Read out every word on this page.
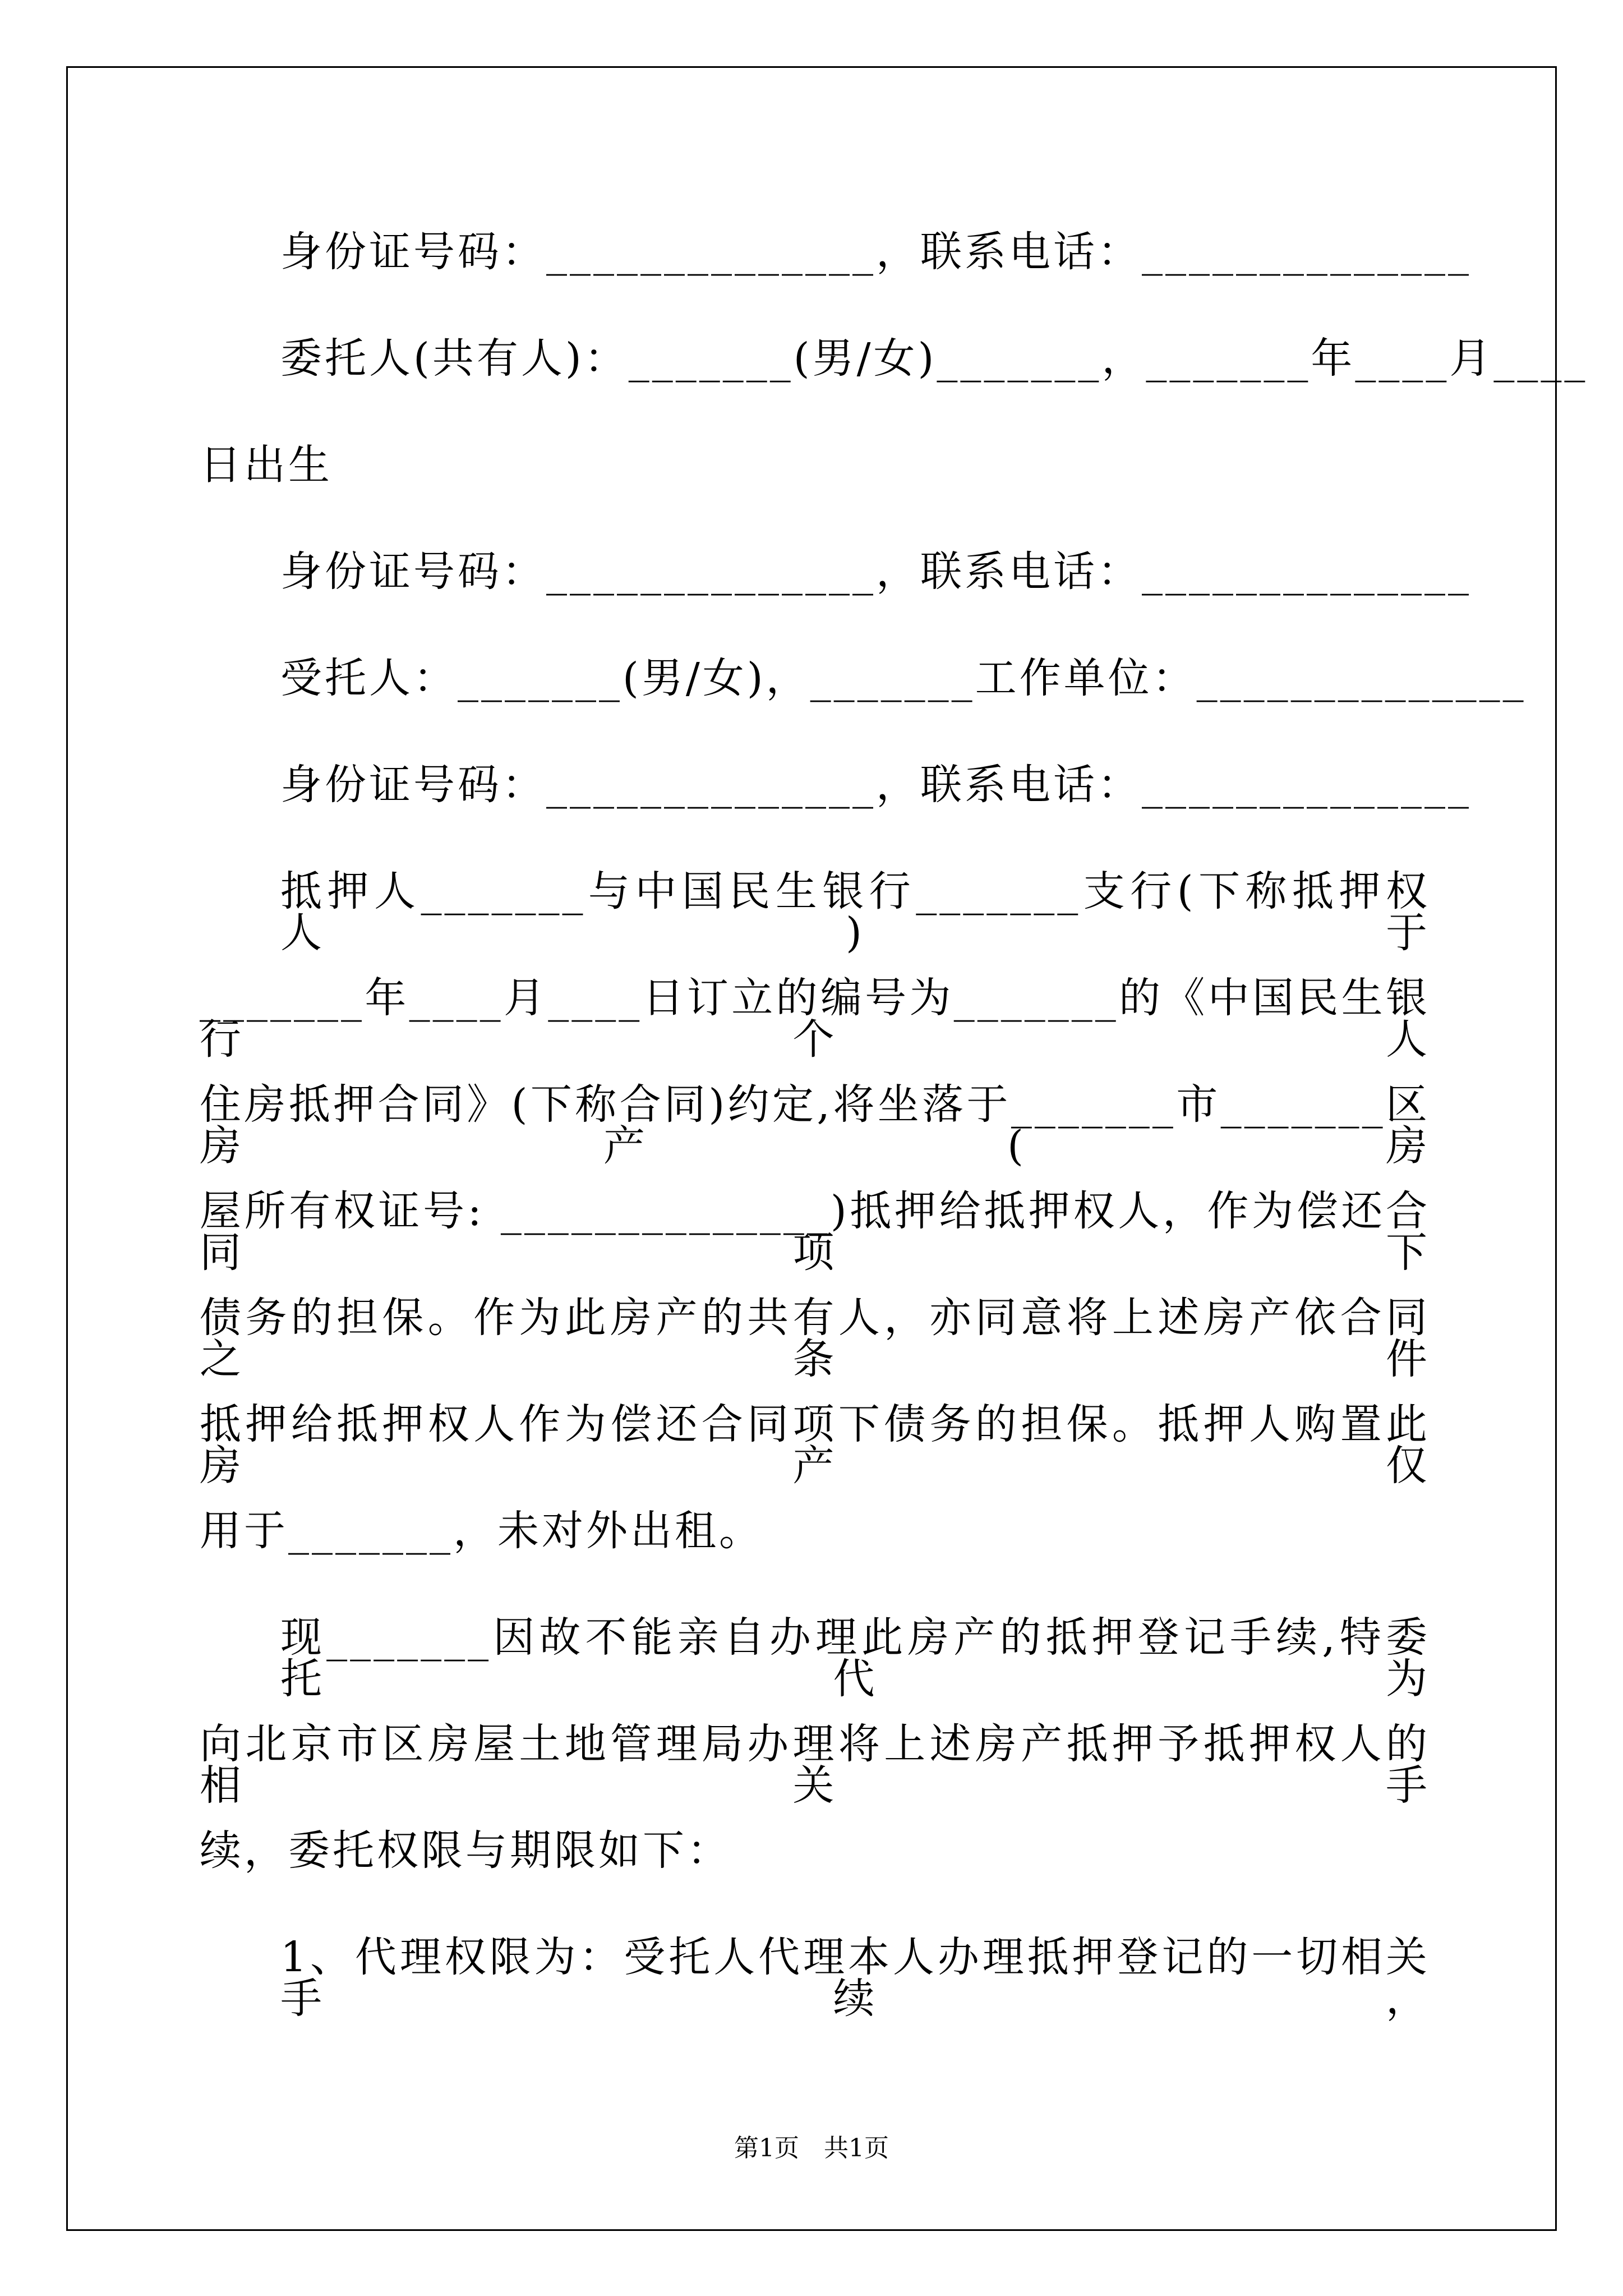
身份证号码：______________，联系电话：______________

委托人(共有人)：_______(男/女)_______，_______年____月____

日出生

身份证号码：______________，联系电话：______________

受托人：_______(男/女)，_______工作单位：______________

身份证号码：______________，联系电话：______________

抵押人_______与中国民生银行_______支行(下称抵押权人)于

_______年____月____日订立的编号为_______的《中国民生银行个人

住房抵押合同》(下称合同)约定,将坐落于_______市_______区房产(房

屋所有权证号: ______________)抵押给抵押权人，作为偿还合同项下

债务的担保。作为此房产的共有人，亦同意将上述房产依合同之条件

抵押给抵押权人作为偿还合同项下债务的担保。抵押人购置此房产仅

用于_______，未对外出租。

现_______因故不能亲自办理此房产的抵押登记手续,特委托代为

向北京市区房屋土地管理局办理将上述房产抵押予抵押权人的相关手

续，委托权限与期限如下：

1、代理权限为：受托人代理本人办理抵押登记的一切相关手续，

第1页　共1页
